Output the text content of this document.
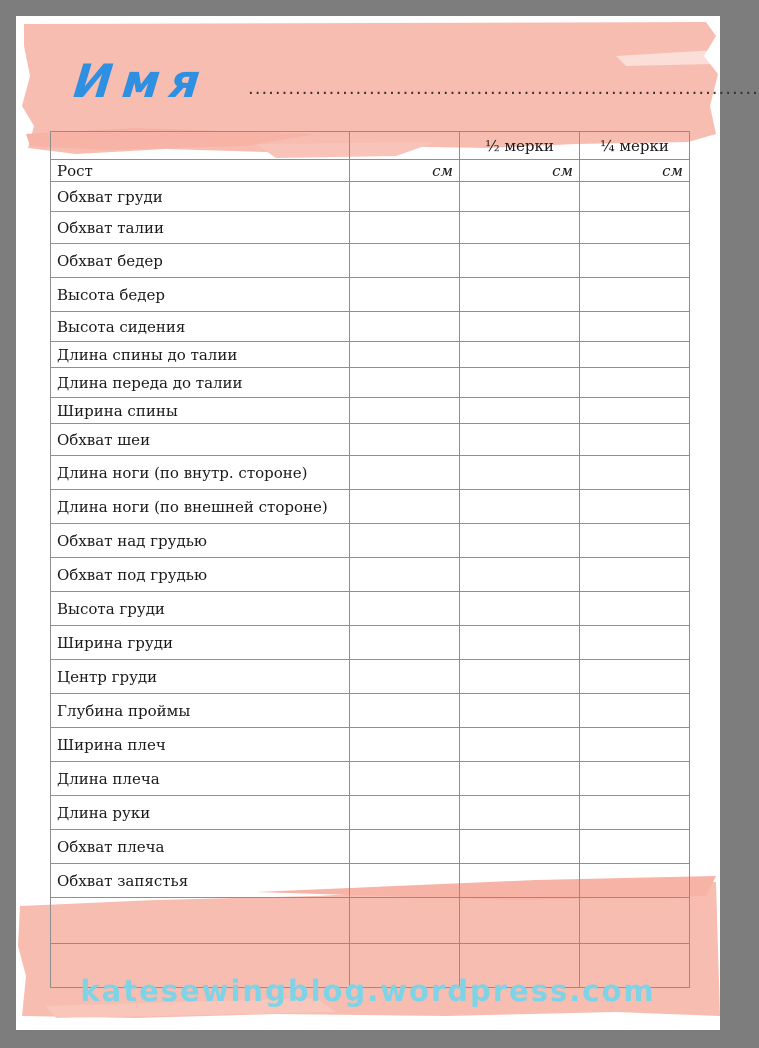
Имя ............................................................................
		½ мерки	¼ мерки
Рост	см	см	см
Обхват груди			
Обхват талии			
Обхват бедер			
Высота бедер			
Высота сидения			
Длина спины до талии			
Длина переда до талии			
Ширина спины			
Обхват шеи			
Длина ноги (по внутр. стороне)			
Длина ноги (по внешней стороне)			
Обхват над грудью			
Обхват под грудью			
Высота груди			
Ширина груди			
Центр груди			
Глубина проймы			
Ширина плеч			
Длина плеча			
Длина руки			
Обхват плеча			
Обхват запястья			

katesewingblog.wordpress.com
